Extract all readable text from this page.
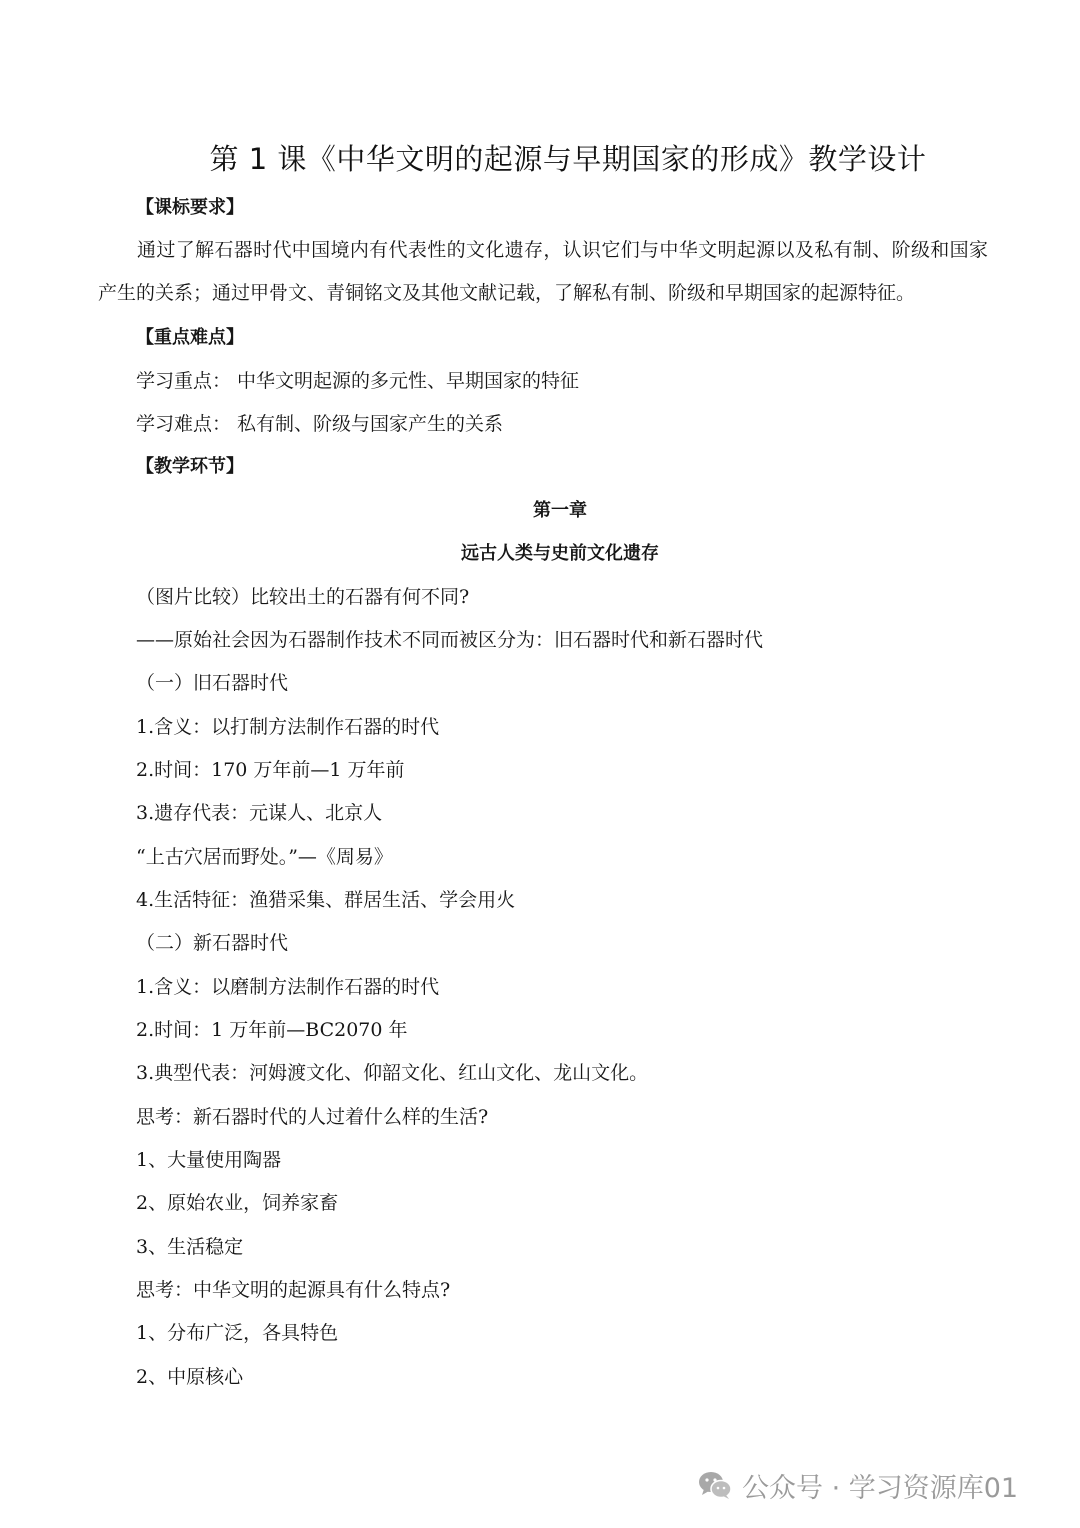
第 1 课《中华文明的起源与早期国家的形成》教学设计
【课标要求】
通过了解石器时代中国境内有代表性的文化遗存，认识它们与中华文明起源以及私有制、阶级和国家产生的关系；通过甲骨文、青铜铭文及其他文献记载，了解私有制、阶级和早期国家的起源特征。
【重点难点】
学习重点： 中华文明起源的多元性、早期国家的特征
学习难点： 私有制、阶级与国家产生的关系
【教学环节】
第一章
远古人类与史前文化遗存
（图片比较）比较出土的石器有何不同?
——原始社会因为石器制作技术不同而被区分为：旧石器时代和新石器时代
（一）旧石器时代
1.含义：以打制方法制作石器的时代
2.时间：170 万年前—1 万年前
3.遗存代表：元谋人、北京人
“上古穴居而野处。”—《周易》
4.生活特征：渔猎采集、群居生活、学会用火
（二）新石器时代
1.含义：以磨制方法制作石器的时代
2.时间：1 万年前—BC2070 年
3.典型代表：河姆渡文化、仰韶文化、红山文化、龙山文化。
思考：新石器时代的人过着什么样的生活?
1、大量使用陶器
2、原始农业，饲养家畜
3、生活稳定
思考：中华文明的起源具有什么特点?
1、分布广泛，各具特色
2、中原核心
公众号 · 学习资源库01
